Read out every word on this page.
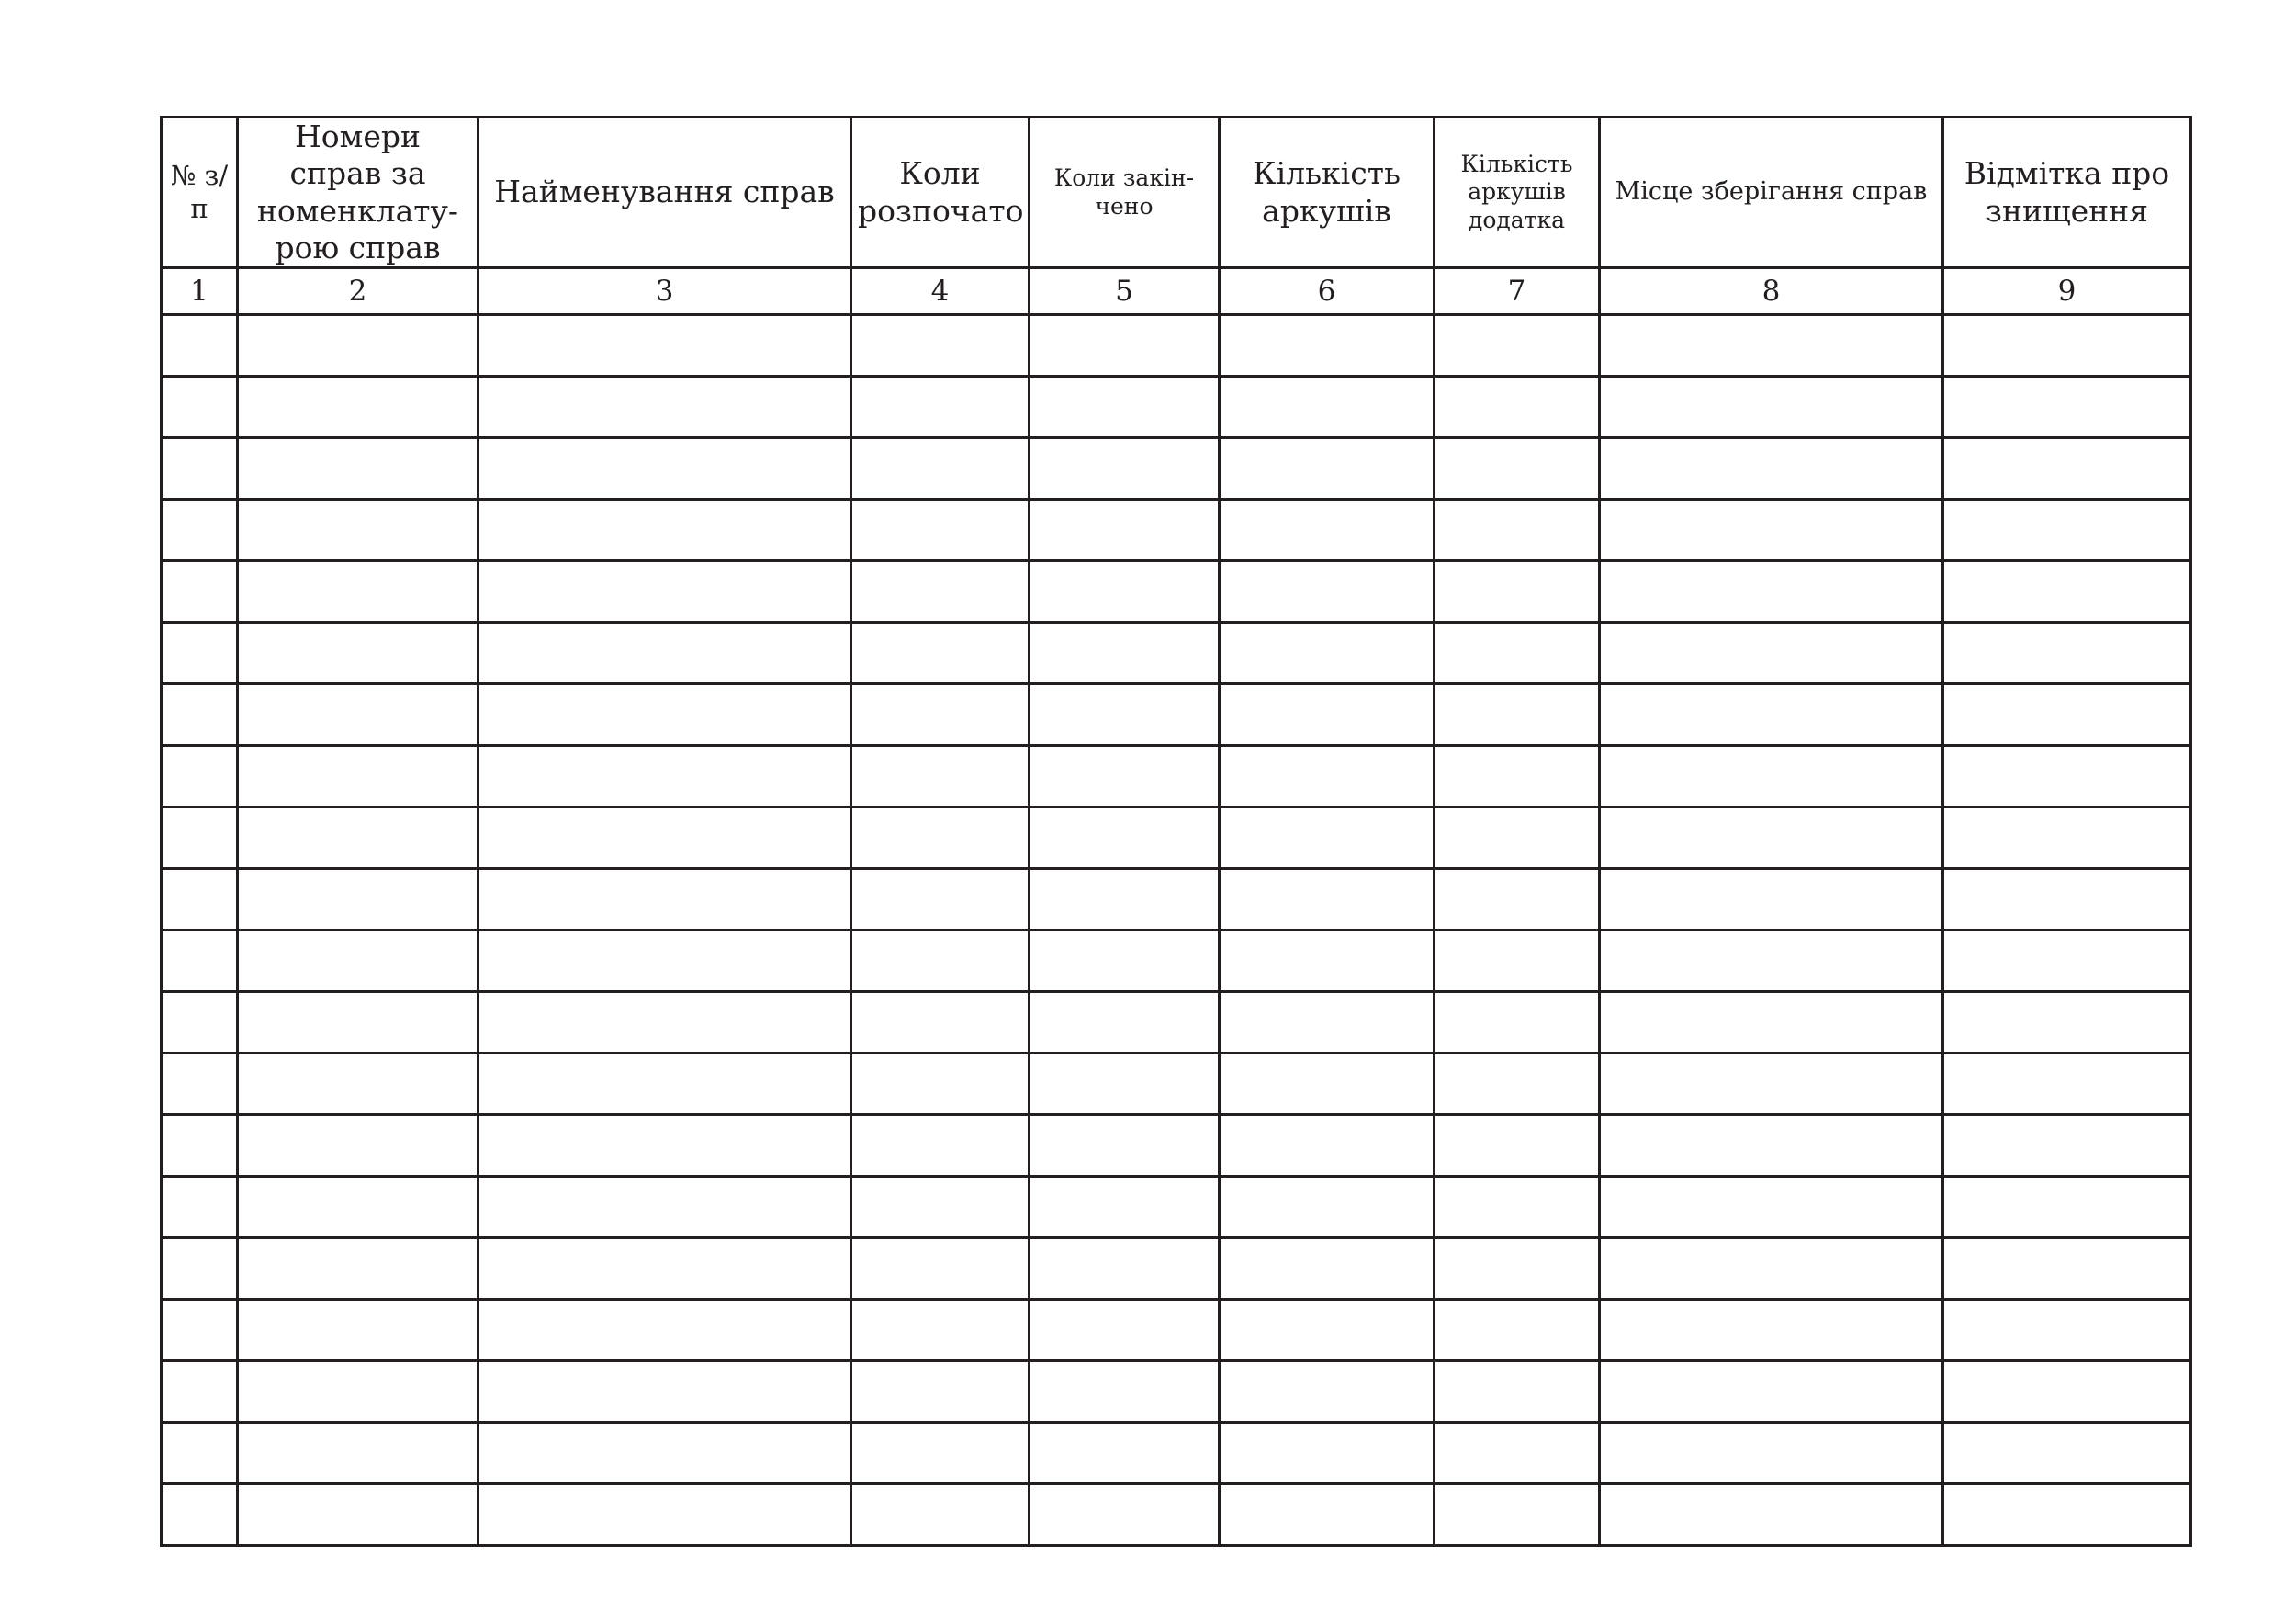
№ з/п	Номери справ за номенклату-рою справ	Найменування справ	Коли розпочато	Коли закін-чено	Кількість аркушів	Кількість аркушів додатка	Місце зберігання справ	Відмітка про знищення

1	2	3	4	5	6	7	8	9
